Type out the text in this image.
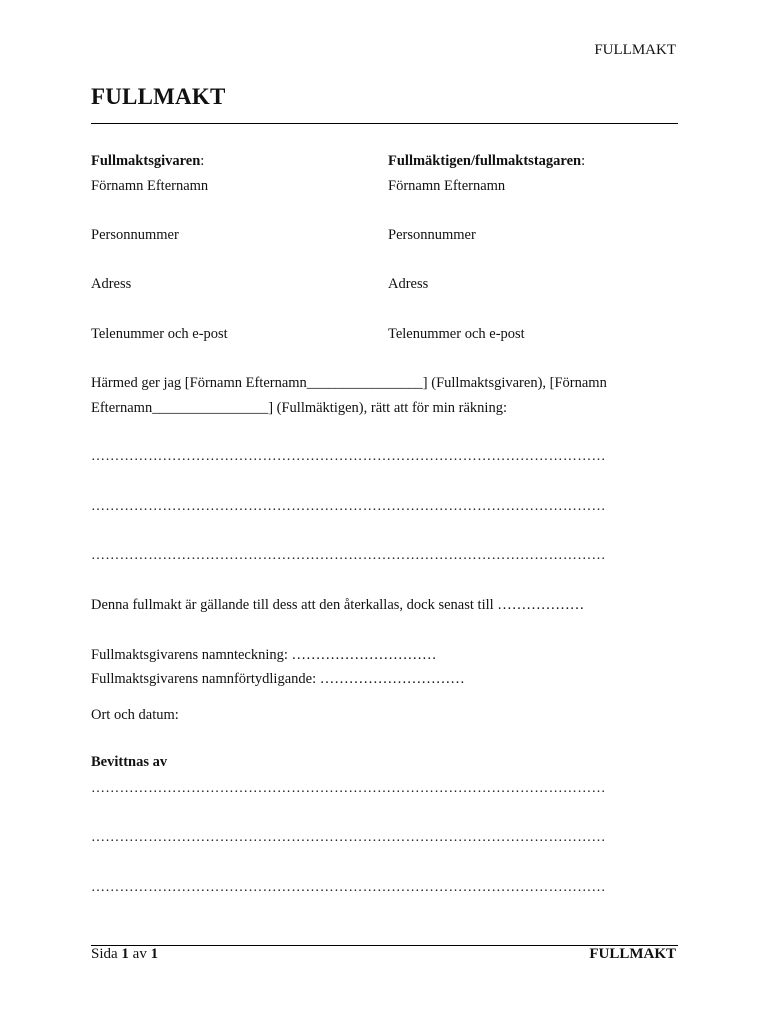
FULLMAKT
FULLMAKT
Fullmaktsgivaren:
Förnamn Efternamn
Personnummer
Adress
Telenummer och e-post
Fullmäktigen/fullmaktstagaren:
Förnamn Efternamn
Personnummer
Adress
Telenummer och e-post
Härmed ger jag [Förnamn Efternamn________________] (Fullmaktsgivaren), [Förnamn
Efternamn________________] (Fullmäktigen), rätt att för min räkning:
………………………………………………………………………………………………
………………………………………………………………………………………………
………………………………………………………………………………………………
Denna fullmakt är gällande till dess att den återkallas, dock senast till ………………
Fullmaktsgivarens namnteckning: …………………………
Fullmaktsgivarens namnförtydligande: …………………………
Ort och datum:
Bevittnas av
………………………………………………………………………………………………
………………………………………………………………………………………………
………………………………………………………………………………………………
Sida 1 av 1	FULLMAKT
